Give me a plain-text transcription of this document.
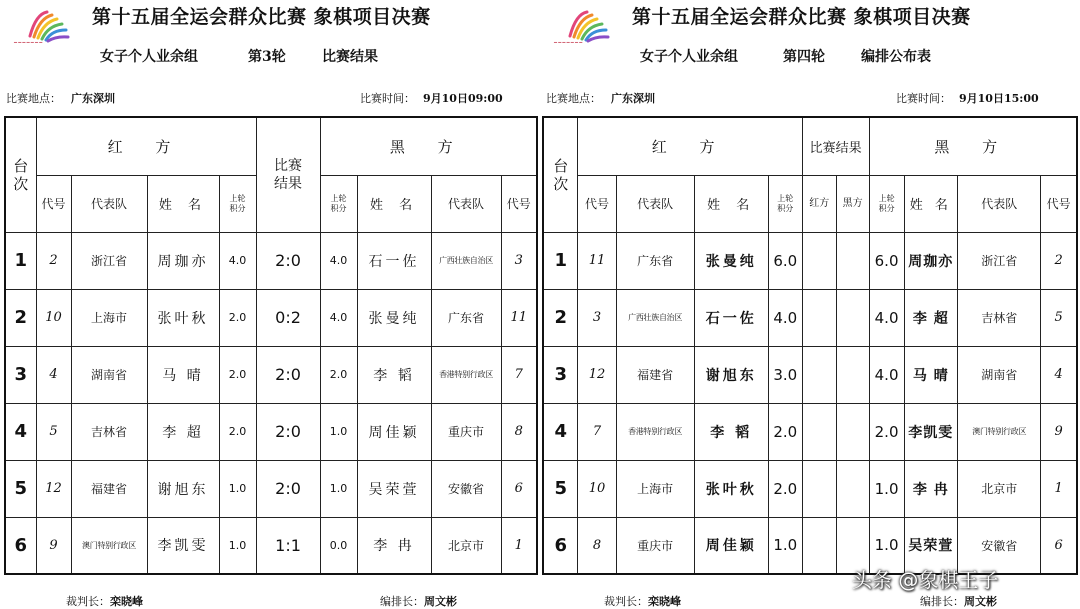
━ ━ ━ ━ ━ ━ ━
第十五届全运会群众比赛 象棋项目决赛
女子个人业余组	第3轮	比赛结果
比赛地点： 广东深圳	比赛时间： 9月10日09:00
台次	红 方				比赛结果	黑 方			
	代号	代表队	姓 名	上轮积分		上轮积分	姓 名	代表队	代号
1	2	浙江省	周珈亦	4.0	2:0	4.0	石一佐	广西壮族自治区	3
2	10	上海市	张叶秋	2.0	0:2	4.0	张曼纯	广东省	11
3	4	湖南省	马 晴	2.0	2:0	2.0	李 韬	香港特别行政区	7
4	5	吉林省	李 超	2.0	2:0	1.0	周佳颖	重庆市	8
5	12	福建省	谢旭东	1.0	2:0	1.0	吴荣萱	安徽省	6
6	9	澳门特别行政区	李凯雯	1.0	1:1	0.0	李 冉	北京市	1
裁判长：栾晓峰	编排长：周文彬
━ ━ ━ ━ ━ ━ ━
第十五届全运会群众比赛 象棋项目决赛
女子个人业余组	第四轮	编排公布表
比赛地点： 广东深圳	比赛时间： 9月10日15:00
台次	红 方				比赛结果		黑 方			
	代号	代表队	姓 名	上轮积分	红方	黑方	上轮积分	姓 名	代表队	代号
1	11	广东省	张曼纯	6.0			6.0	周珈亦	浙江省	2
2	3	广西壮族自治区	石一佐	4.0			4.0	李 超	吉林省	5
3	12	福建省	谢旭东	3.0			4.0	马 晴	湖南省	4
4	7	香港特别行政区	李 韬	2.0			2.0	李凯雯	澳门特别行政区	9
5	10	上海市	张叶秋	2.0			1.0	李 冉	北京市	1
6	8	重庆市	周佳颖	1.0			1.0	吴荣萱	安徽省	6
裁判长：栾晓峰	编排长：周文彬
头条 @象棋王子
